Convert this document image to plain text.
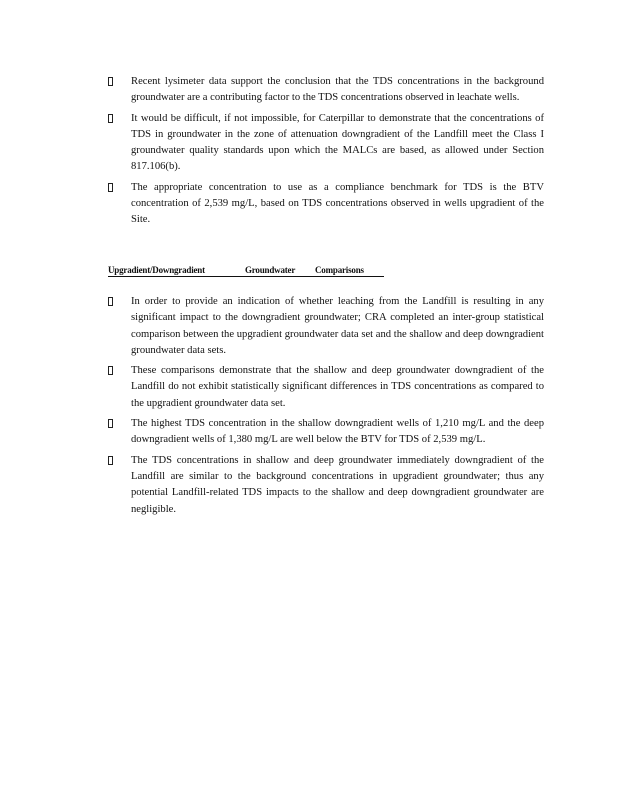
Recent lysimeter data support the conclusion that the TDS concentrations in the background groundwater are a contributing factor to the TDS concentrations observed in leachate wells.

It would be difficult, if not impossible, for Caterpillar to demonstrate that the concentrations of TDS in groundwater in the zone of attenuation downgradient of the Landfill meet the Class I groundwater quality standards upon which the MALCs are based, as allowed under Section 817.106(b).

The appropriate concentration to use as a compliance benchmark for TDS is the BTV concentration of 2,539 mg/L, based on TDS concentrations observed in wells upgradient of the Site.

Upgradient/Downgradient	Groundwater	Comparisons

In order to provide an indication of whether leaching from the Landfill is resulting in any significant impact to the downgradient groundwater; CRA completed an inter-group statistical comparison between the upgradient groundwater data set and the shallow and deep downgradient groundwater data sets.

These comparisons demonstrate that the shallow and deep groundwater downgradient of the Landfill do not exhibit statistically significant differences in TDS concentrations as compared to the upgradient groundwater data set.

The highest TDS concentration in the shallow downgradient wells of 1,210 mg/L and the deep downgradient wells of 1,380 mg/L are well below the BTV for TDS of 2,539 mg/L.

The TDS concentrations in shallow and deep groundwater immediately downgradient of the Landfill are similar to the background concentrations in upgradient groundwater; thus any potential Landfill-related TDS impacts to the shallow and deep downgradient groundwater are negligible.
